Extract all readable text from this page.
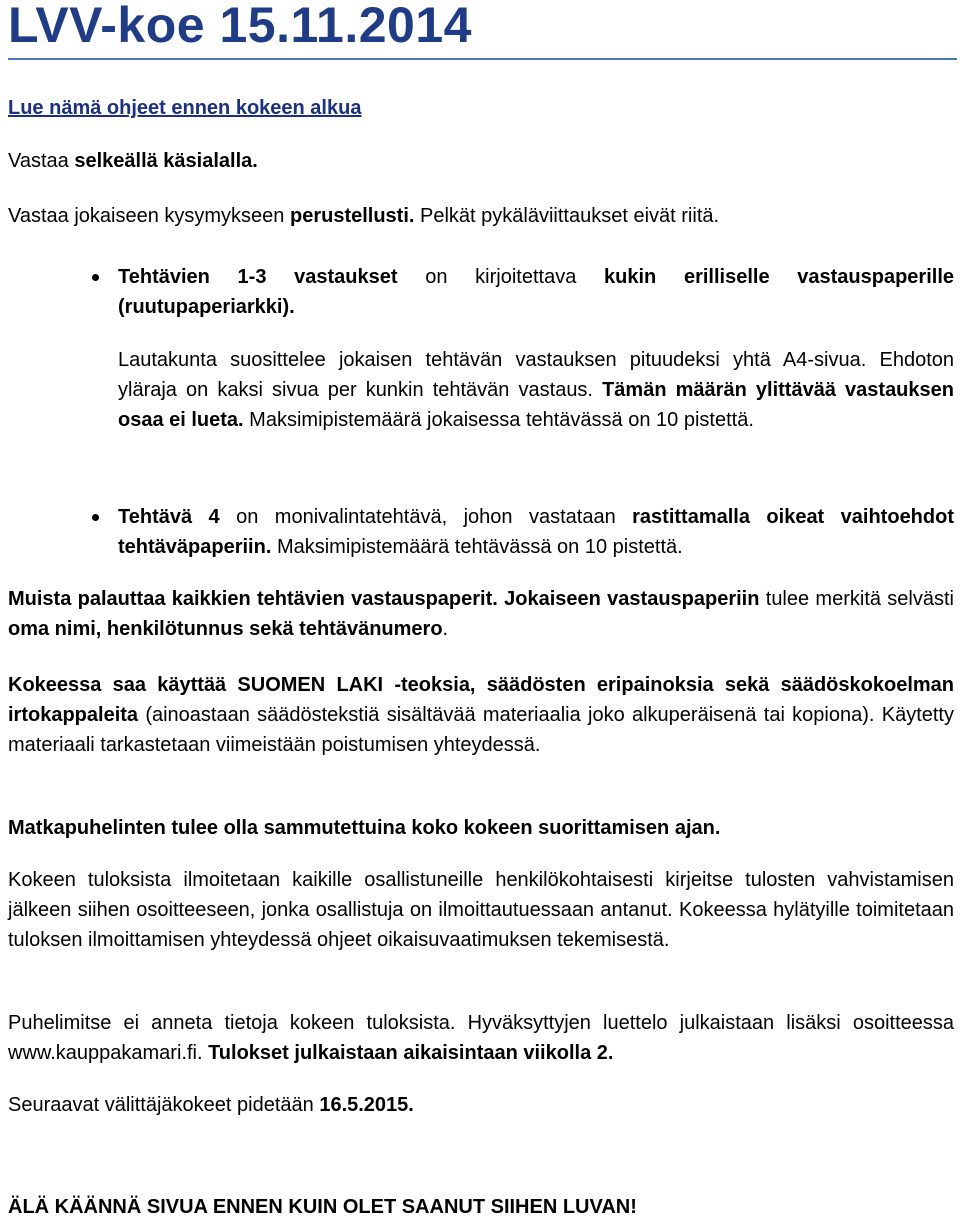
LVV-koe 15.11.2014
Lue nämä ohjeet ennen kokeen alkua

Vastaa selkeällä käsialalla.

Vastaa jokaiseen kysymykseen perustellusti. Pelkät pykäläviittaukset eivät riitä.

Tehtävien 1-3 vastaukset on kirjoitettava kukin erilliselle vastauspaperille (ruutupaperiarkki).

Lautakunta suosittelee jokaisen tehtävän vastauksen pituudeksi yhtä A4-sivua. Ehdoton yläraja on kaksi sivua per kunkin tehtävän vastaus. Tämän määrän ylittävää vastauksen osaa ei lueta. Maksimipistemäärä jokaisessa tehtävässä on 10 pistettä.

Tehtävä 4 on monivalintatehtävä, johon vastataan rastittamalla oikeat vaihtoehdot tehtäväpaperiin. Maksimipistemäärä tehtävässä on 10 pistettä.

Muista palauttaa kaikkien tehtävien vastauspaperit. Jokaiseen vastauspaperiin tulee merkitä selvästi oma nimi, henkilötunnus sekä tehtävänumero.

Kokeessa saa käyttää SUOMEN LAKI -teoksia, säädösten eripainoksia sekä säädöskokoelman irtokappaleita (ainoastaan säädöstekstiä sisältävää materiaalia joko alkuperäisenä tai kopiona). Käytetty materiaali tarkastetaan viimeistään poistumisen yhteydessä.

Matkapuhelinten tulee olla sammutettuina koko kokeen suorittamisen ajan.

Kokeen tuloksista ilmoitetaan kaikille osallistuneille henkilökohtaisesti kirjeitse tulosten vahvistamisen jälkeen siihen osoitteeseen, jonka osallistuja on ilmoittautuessaan antanut. Kokeessa hylätyille toimitetaan tuloksen ilmoittamisen yhteydessä ohjeet oikaisuvaatimuksen tekemisestä.

Puhelimitse ei anneta tietoja kokeen tuloksista. Hyväksyttyjen luettelo julkaistaan lisäksi osoitteessa www.kauppakamari.fi. Tulokset julkaistaan aikaisintaan viikolla 2.

Seuraavat välittäjäkokeet pidetään 16.5.2015.

ÄLÄ KÄÄNNÄ SIVUA ENNEN KUIN OLET SAANUT SIIHEN LUVAN!
